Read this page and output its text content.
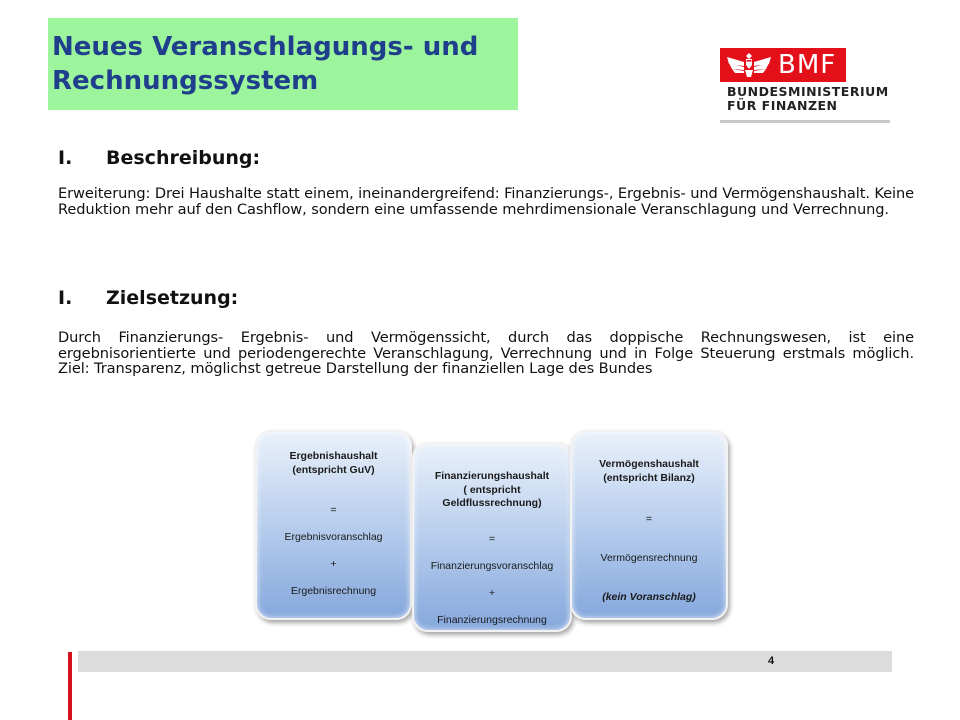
Neues Veranschlagungs- und
Rechnungssystem
BMF
BUNDESMINISTERIUM
FÜR FINANZEN
I. Beschreibung:
Erweiterung: Drei Haushalte statt einem, ineinandergreifend: Finanzierungs-, Ergebnis- und Vermögenshaushalt. Keine Reduktion mehr auf den Cashflow, sondern eine umfassende mehrdimensionale Veranschlagung und Verrechnung.
I. Zielsetzung:
Durch Finanzierungs- Ergebnis- und Vermögenssicht, durch das doppische Rechnungswesen, ist eine ergebnisorientierte und periodengerechte Veranschlagung, Verrechnung und in Folge Steuerung erstmals möglich. Ziel: Transparenz, möglichst getreue Darstellung der finanziellen Lage des Bundes
Ergebnishaushalt
(entspricht GuV)

=

Ergebnisvoranschlag

+

Ergebnisrechnung

Finanzierungshaushalt
( entspricht
Geldflussrechnung)

=

Finanzierungsvoranschlag

+

Finanzierungsrechnung

Vermögenshaushalt
(entspricht Bilanz)

=

Vermögensrechnung

(kein Voranschlag)

4
